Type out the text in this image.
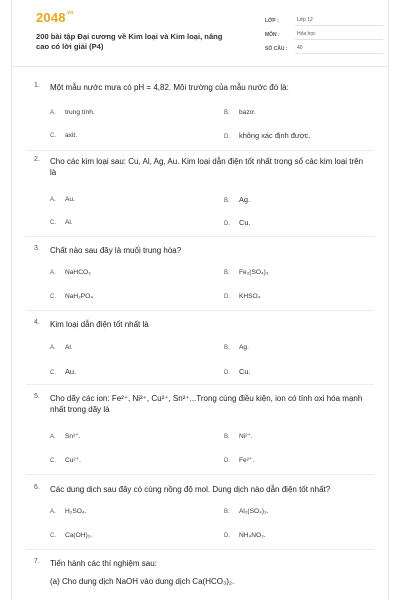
$2048^{.vn}$
200 bài tập Đại cương về Kim loại và Kim loại, nâng cao có lời giải (P4)
LỚP :	Lớp 12
MÔN :	Hóa học
SỐ CÂU :	40
1. Một mẫu nước mưa có pH = 4,82. Môi trường của mẫu nước đó là:
A. trung tính.	B. bazơ.
C. axit.	D. không xác định được.
2. Cho các kim loại sau: Cu, Al, Ag, Au. Kim loại dẫn điện tốt nhất trong số các kim loại trên là
A. Au.	B. Ag.
C. Al.	D. Cu.
3. Chất nào sau đây là muối trung hòa?
A. NaHCO₃	B. Fe₂(SO₄)₃
C. NaH₂PO₄	D. KHSO₄
4. Kim loại dẫn điện tốt nhất là
A. Al.	B. Ag.
C. Au.	D. Cu.
5. Cho dãy các ion: Fe²⁺, Ni²⁺, Cu²⁺, Sn²⁺...Trong cùng điều kiện, ion có tính oxi hóa mạnh nhất trong dãy là
A. Sn²⁺.	B. Ni²⁺.
C. Cu²⁺.	D. Fe²⁺.
6. Các dung dịch sau đây có cùng nồng độ mol. Dung dịch nào dẫn điện tốt nhất?
A. H₂SO₄.	B. Al₂(SO₄)₃.
C. Ca(OH)₂.	D. NH₄NO₃.
7. Tiến hành các thí nghiệm sau:
(a) Cho dung dịch NaOH vào dung dịch Ca(HCO₃)₂.
